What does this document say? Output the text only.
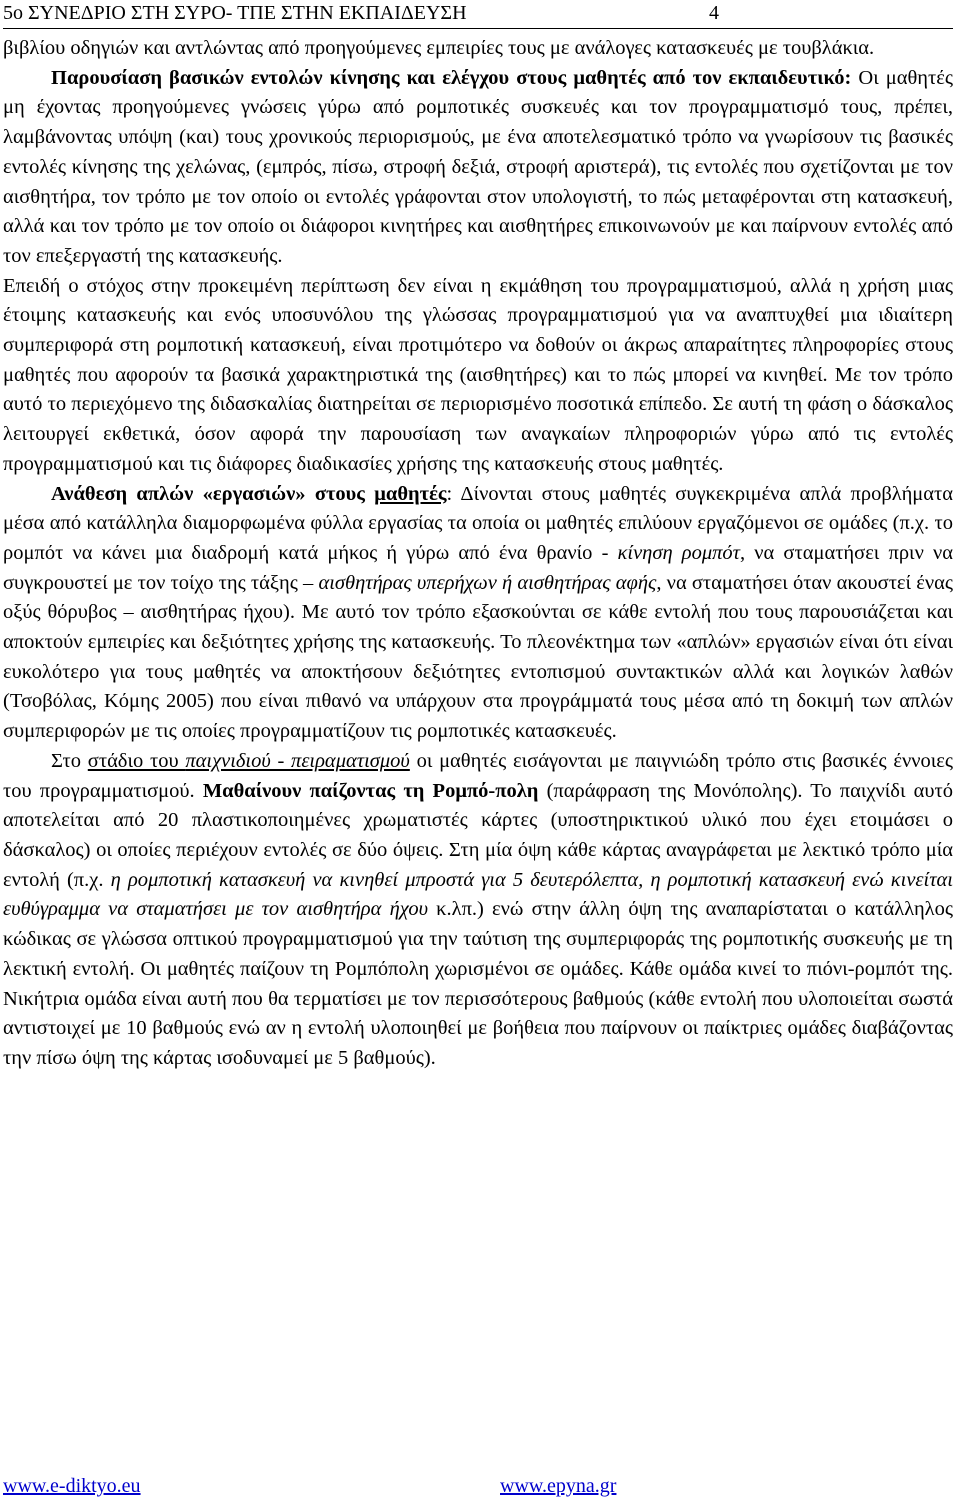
5ο ΣΥΝΕΔΡΙΟ ΣΤΗ ΣΥΡΟ- ΤΠΕ ΣΤΗΝ ΕΚΠΑΙΔΕΥΣΗ	4

βιβλίου οδηγιών και αντλώντας από προηγούμενες εμπειρίες τους με ανάλογες κατασκευές με τουβλάκια.

Παρουσίαση βασικών εντολών κίνησης και ελέγχου στους μαθητές από τον εκπαιδευτικό: Οι μαθητές μη έχοντας προηγούμενες γνώσεις γύρω από ρομποτικές συσκευές και τον προγραμματισμό τους, πρέπει, λαμβάνοντας υπόψη (και) τους χρονικούς περιορισμούς, με ένα αποτελεσματικό τρόπο να γνωρίσουν τις βασικές εντολές κίνησης της χελώνας, (εμπρός, πίσω, στροφή δεξιά, στροφή αριστερά), τις εντολές που σχετίζονται με τον αισθητήρα, τον τρόπο με τον οποίο οι εντολές γράφονται στον υπολογιστή, το πώς μεταφέρονται στη κατασκευή, αλλά και τον τρόπο με τον οποίο οι διάφοροι κινητήρες και αισθητήρες επικοινωνούν με και παίρνουν εντολές από τον επεξεργαστή της κατασκευής.

Επειδή ο στόχος στην προκειμένη περίπτωση δεν είναι η εκμάθηση του προγραμματισμού, αλλά η χρήση μιας έτοιμης κατασκευής και ενός υποσυνόλου της γλώσσας προγραμματισμού για να αναπτυχθεί μια ιδιαίτερη συμπεριφορά στη ρομποτική κατασκευή, είναι προτιμότερο να δοθούν οι άκρως απαραίτητες πληροφορίες στους μαθητές που αφορούν τα βασικά χαρακτηριστικά της (αισθητήρες) και το πώς μπορεί να κινηθεί. Με τον τρόπο αυτό το περιεχόμενο της διδασκαλίας διατηρείται σε περιορισμένο ποσοτικά επίπεδο. Σε αυτή τη φάση ο δάσκαλος λειτουργεί εκθετικά, όσον αφορά την παρουσίαση των αναγκαίων πληροφοριών γύρω από τις εντολές προγραμματισμού και τις διάφορες διαδικασίες χρήσης της κατασκευής στους μαθητές.

Ανάθεση απλών «εργασιών» στους μαθητές: Δίνονται στους μαθητές συγκεκριμένα απλά προβλήματα μέσα από κατάλληλα διαμορφωμένα φύλλα εργασίας τα οποία οι μαθητές επιλύουν εργαζόμενοι σε ομάδες (π.χ. το ρομπότ να κάνει μια διαδρομή κατά μήκος ή γύρω από ένα θρανίο - κίνηση ρομπότ, να σταματήσει πριν να συγκρουστεί με τον τοίχο της τάξης – αισθητήρας υπερήχων ή αισθητήρας αφής, να σταματήσει όταν ακουστεί ένας οξύς θόρυβος – αισθητήρας ήχου). Με αυτό τον τρόπο εξασκούνται σε κάθε εντολή που τους παρουσιάζεται και αποκτούν εμπειρίες και δεξιότητες χρήσης της κατασκευής. Το πλεονέκτημα των «απλών» εργασιών είναι ότι είναι ευκολότερο για τους μαθητές να αποκτήσουν δεξιότητες εντοπισμού συντακτικών αλλά και λογικών λαθών (Τσοβόλας, Κόμης 2005) που είναι πιθανό να υπάρχουν στα προγράμματά τους μέσα από τη δοκιμή των απλών συμπεριφορών με τις οποίες προγραμματίζουν τις ρομποτικές κατασκευές.

Στο στάδιο του παιχνιδιού - πειραματισμού οι μαθητές εισάγονται με παιγνιώδη τρόπο στις βασικές έννοιες του προγραμματισμού. Μαθαίνουν παίζοντας τη Ρομπό-πολη (παράφραση της Μονόπολης). Το παιχνίδι αυτό αποτελείται από 20 πλαστικοποιημένες χρωματιστές κάρτες (υποστηρικτικού υλικό που έχει ετοιμάσει ο δάσκαλος) οι οποίες περιέχουν εντολές σε δύο όψεις. Στη μία όψη κάθε κάρτας αναγράφεται με λεκτικό τρόπο μία εντολή (π.χ. η ρομποτική κατασκευή να κινηθεί μπροστά για 5 δευτερόλεπτα, η ρομποτική κατασκευή ενώ κινείται ευθύγραμμα να σταματήσει με τον αισθητήρα ήχου κ.λπ.) ενώ στην άλλη όψη της αναπαρίσταται ο κατάλληλος κώδικας σε γλώσσα οπτικού προγραμματισμού για την ταύτιση της συμπεριφοράς της ρομποτικής συσκευής με τη λεκτική εντολή. Οι μαθητές παίζουν τη Ρομπόπολη χωρισμένοι σε ομάδες. Κάθε ομάδα κινεί το πιόνι-ρομπότ της. Νικήτρια ομάδα είναι αυτή που θα τερματίσει με τον περισσότερους βαθμούς (κάθε εντολή που υλοποιείται σωστά αντιστοιχεί με 10 βαθμούς ενώ αν η εντολή υλοποιηθεί με βοήθεια που παίρνουν οι παίκτριες ομάδες διαβάζοντας την πίσω όψη της κάρτας ισοδυναμεί με 5 βαθμούς).

www.e-diktyo.eu	www.epyna.gr
